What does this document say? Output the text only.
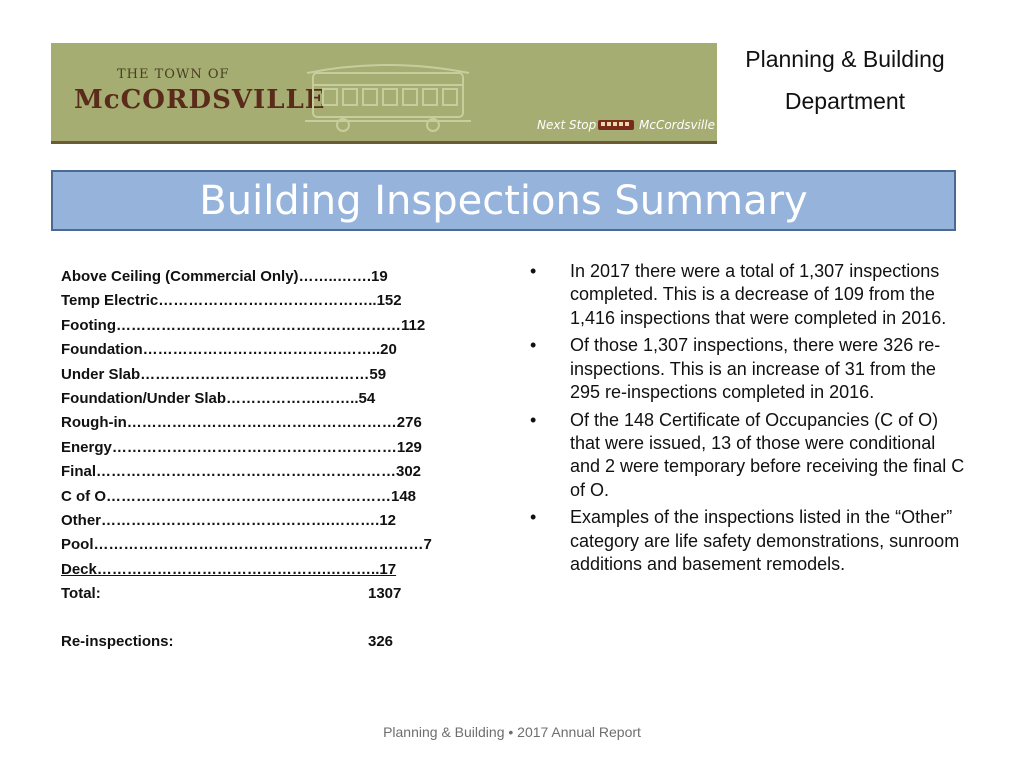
THE TOWN OF
McCORDSVILLE
Next Stop	McCordsville
Planning & Building
Department
Building Inspections Summary
Above Ceiling (Commercial Only)……..…….19
Temp Electric……………………………………..152
Footing…………………………………………………112
Foundation………………………………….……..20
Under Slab……………………………….………59
Foundation/Under Slab……………….……..54
Rough-in………………………………………………276
Energy…………………………………………………129
Final……………………………………………………302
C of O…………………………………………………148
Other……………………………………….……….12
Pool…………………………………………………………7
Deck……………………………………….………..17
Total:	1307
Re-inspections:	326
• In 2017 there were a total of 1,307 inspections completed. This is a decrease of 109 from the 1,416 inspections that were completed in 2016.
• Of those 1,307 inspections, there were 326 re-inspections. This is an increase of 31 from the 295 re-inspections completed in 2016.
• Of the 148 Certificate of Occupancies (C of O) that were issued, 13 of those were conditional and 2 were temporary before receiving the final C of O.
• Examples of the inspections listed in the “Other” category are life safety demonstrations, sunroom additions and basement remodels.
Planning & Building • 2017 Annual Report
